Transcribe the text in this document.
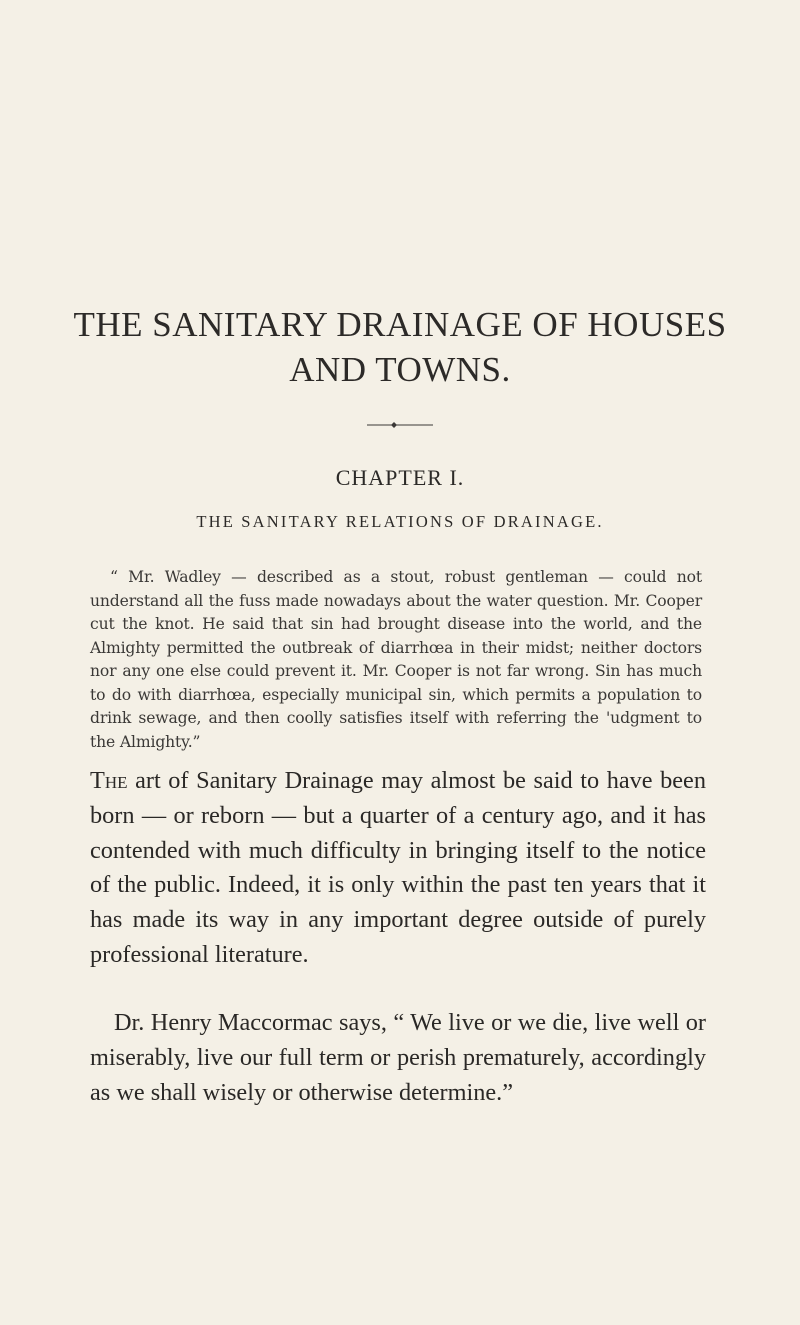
THE SANITARY DRAINAGE OF HOUSES
AND TOWNS.
CHAPTER I.
THE SANITARY RELATIONS OF DRAINAGE.

“ Mr. Wadley — described as a stout, robust gentleman — could not understand all the fuss made nowadays about the water question. Mr. Cooper cut the knot. He said that sin had brought disease into the world, and the Almighty permitted the outbreak of diarrhœa in their midst; neither doctors nor any one else could prevent it. Mr. Cooper is not far wrong. Sin has much to do with diarrhœa, especially municipal sin, which permits a population to drink sewage, and then coolly satisfies itself with referring the 'udgment to the Almighty.”

The art of Sanitary Drainage may almost be said to have been born — or reborn — but a quarter of a century ago, and it has contended with much difficulty in bringing itself to the notice of the public. Indeed, it is only within the past ten years that it has made its way in any important degree outside of purely professional literature.

Dr. Henry Maccormac says, “ We live or we die, live well or miserably, live our full term or perish prematurely, accordingly as we shall wisely or otherwise determine.”
